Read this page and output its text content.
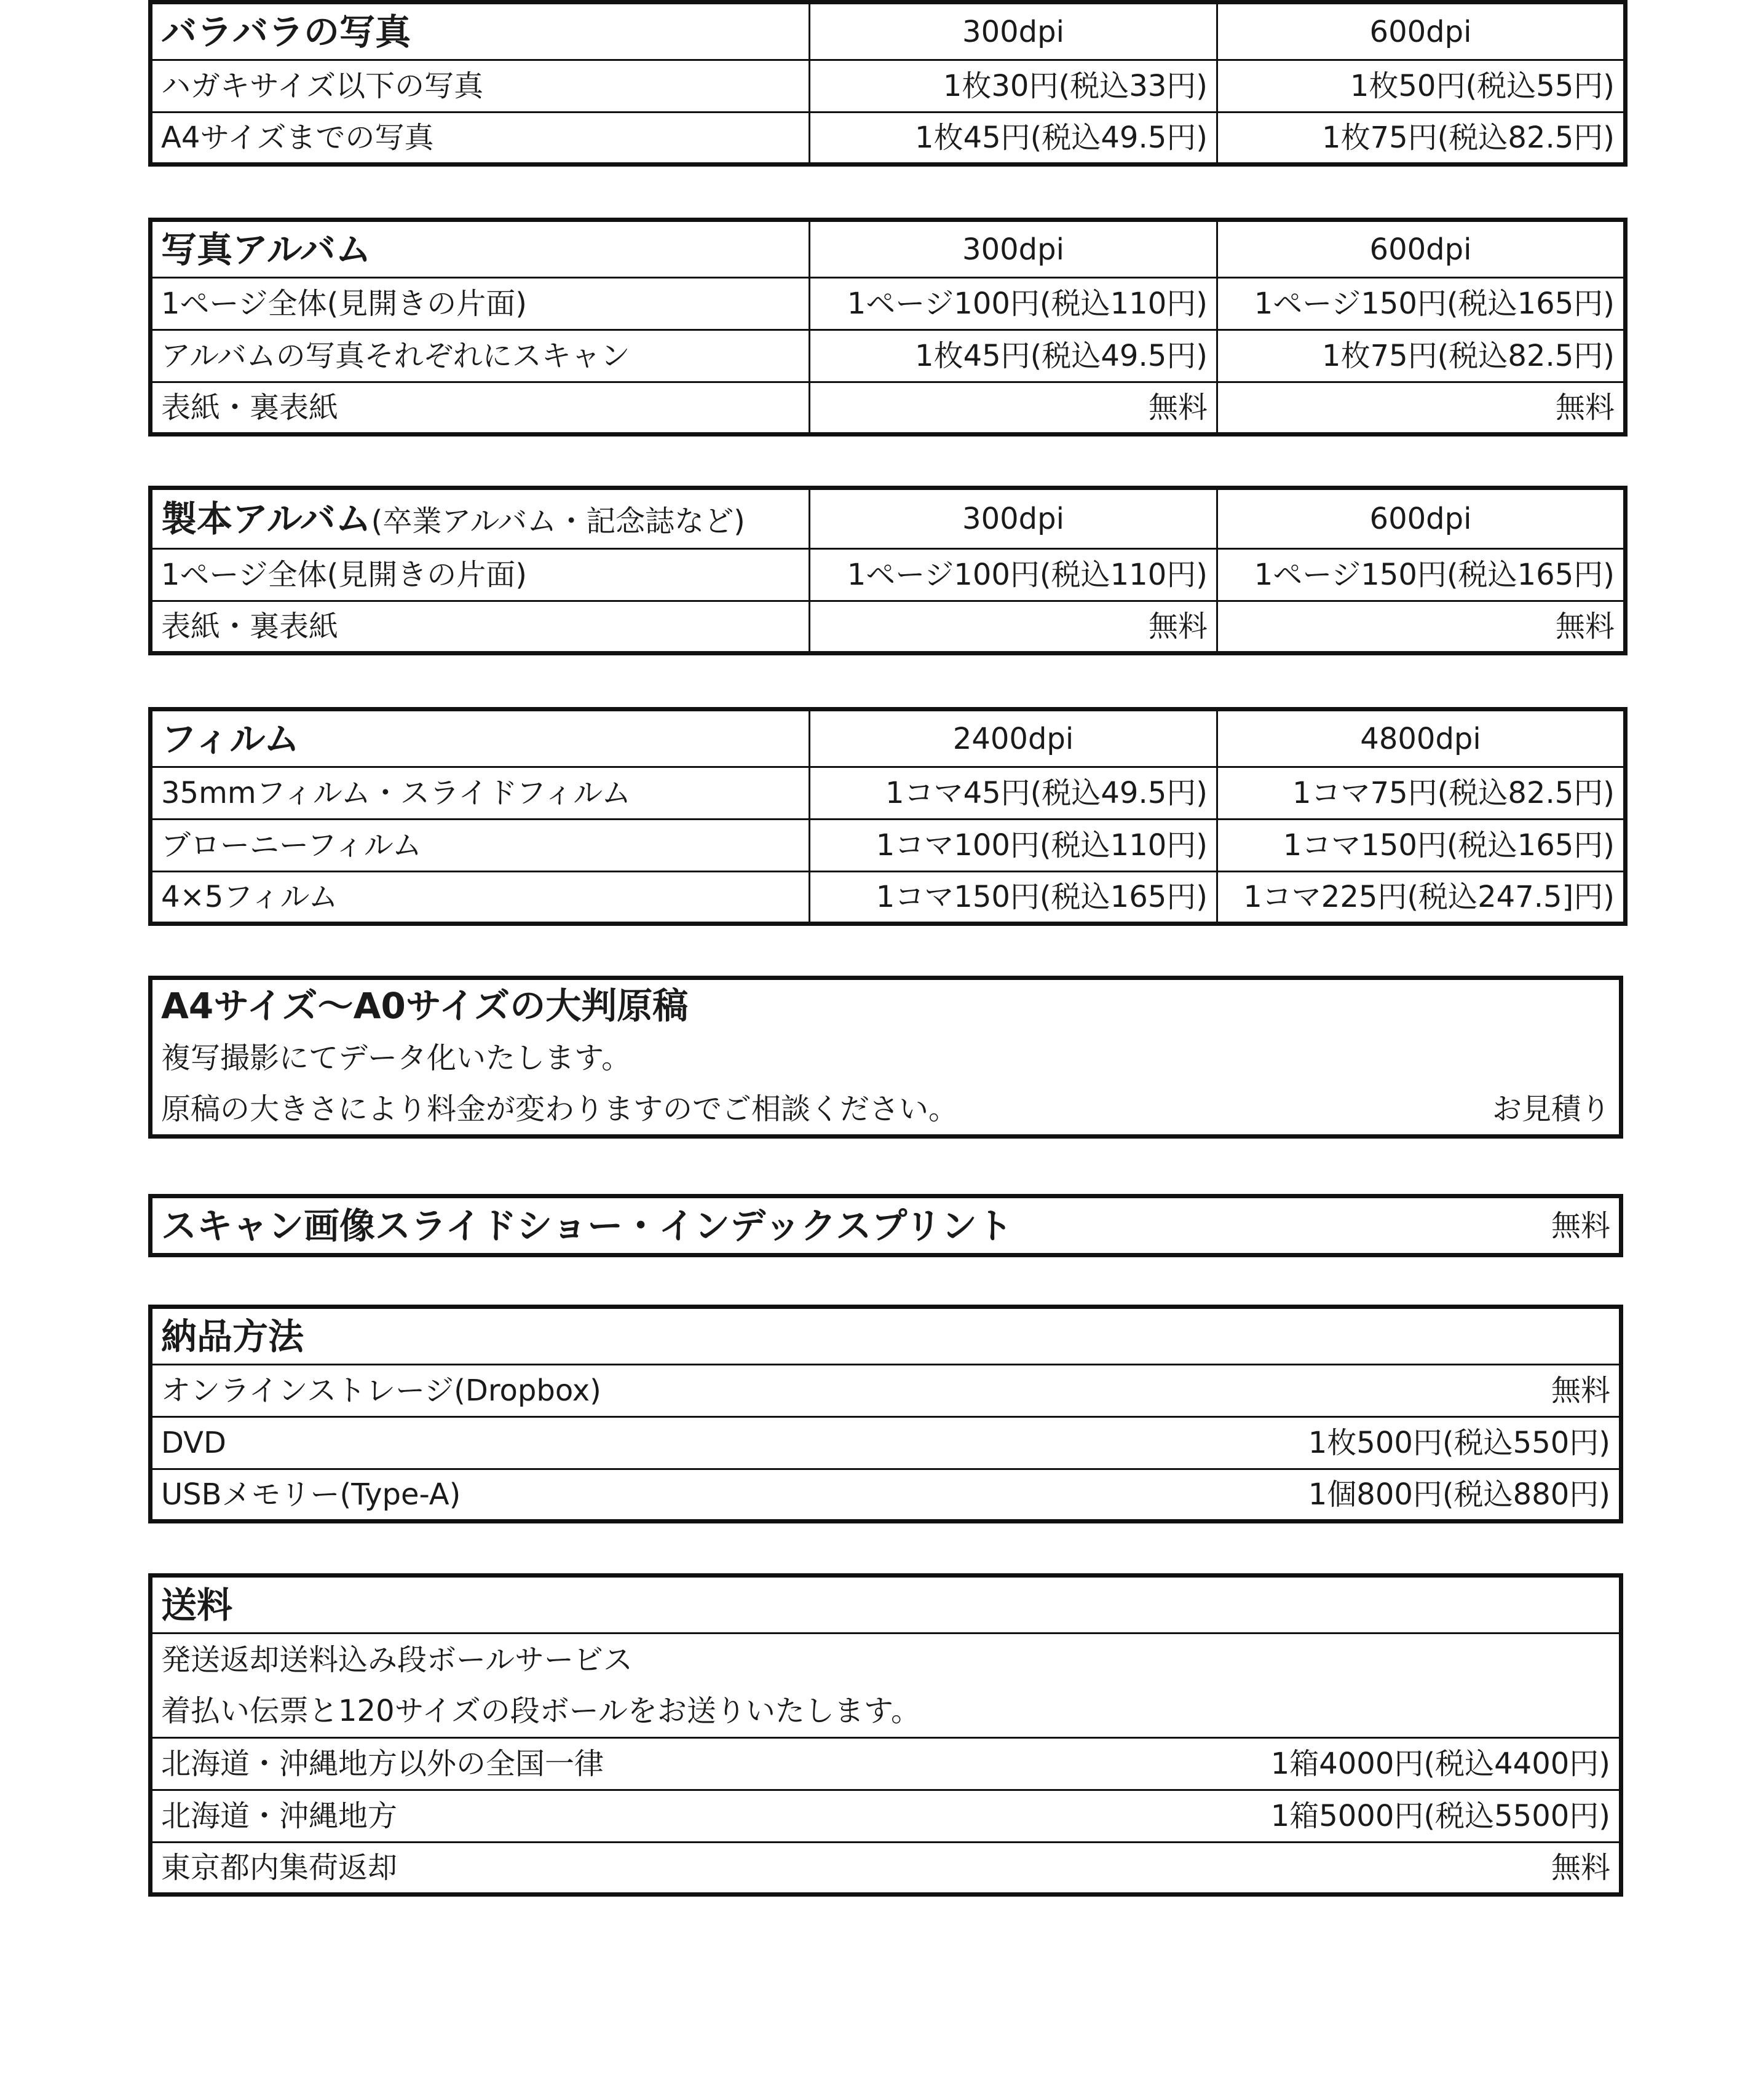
バラバラの写真	300dpi	600dpi
ハガキサイズ以下の写真	1枚30円(税込33円)	1枚50円(税込55円)
A4サイズまでの写真	1枚45円(税込49.5円)	1枚75円(税込82.5円)
写真アルバム	300dpi	600dpi
1ページ全体(見開きの片面)	1ページ100円(税込110円)	1ページ150円(税込165円)
アルバムの写真それぞれにスキャン	1枚45円(税込49.5円)	1枚75円(税込82.5円)
表紙・裏表紙	無料	無料
製本アルバム(卒業アルバム・記念誌など)	300dpi	600dpi
1ページ全体(見開きの片面)	1ページ100円(税込110円)	1ページ150円(税込165円)
表紙・裏表紙	無料	無料
フィルム	2400dpi	4800dpi
35mmフィルム・スライドフィルム	1コマ45円(税込49.5円)	1コマ75円(税込82.5円)
ブローニーフィルム	1コマ100円(税込110円)	1コマ150円(税込165円)
4×5フィルム	1コマ150円(税込165円)	1コマ225円(税込247.5]円)
A4サイズ〜A0サイズの大判原稿
複写撮影にてデータ化いたします。

原稿の大きさにより料金が変わりますのでご相談ください。	お見積り
スキャン画像スライドショー・インデックスプリント	無料
納品方法

オンラインストレージ(Dropbox)	無料

DVD	1枚500円(税込550円)

USBメモリー(Type-A)	1個800円(税込880円)
送料
発送返却送料込み段ボールサービス
着払い伝票と120サイズの段ボールをお送りいたします。

北海道・沖縄地方以外の全国一律	1箱4000円(税込4400円)

北海道・沖縄地方	1箱5000円(税込5500円)

東京都内集荷返却	無料
